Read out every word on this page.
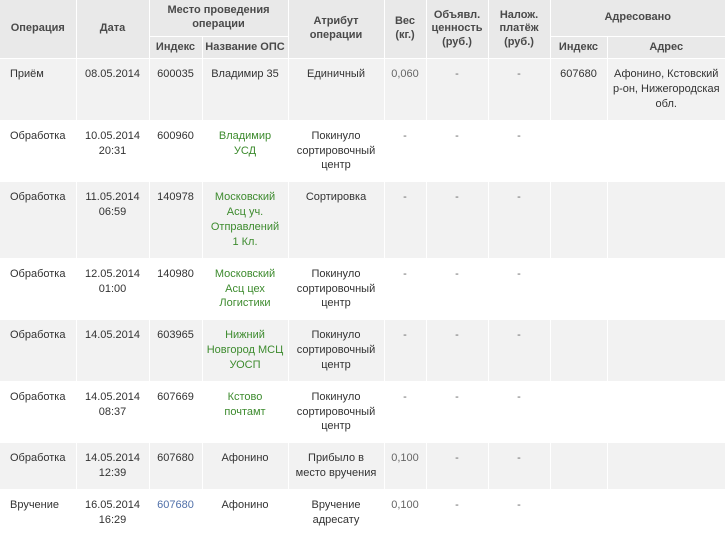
Операция	Дата	Место проведения операции		Атрибут операции	Вес (кг.)	Объявл. ценность (руб.)	Налож. платёж (руб.)	Адресовано	
		Индекс	Название ОПС					Индекс	Адрес
Приём	08.05.2014	600035	Владимир 35	Единичный	0,060	-	-	607680	Афонино, Кстовский р-он, Нижегородская обл.
Обработка	10.05.2014 20:31	600960	Владимир УСД	Покинуло сортировочный центр	-	-	-		
Обработка	11.05.2014 06:59	140978	Московский Асц уч. Отправлений 1 Кл.	Сортировка	-	-	-		
Обработка	12.05.2014 01:00	140980	Московский Асц цех Логистики	Покинуло сортировочный центр	-	-	-		
Обработка	14.05.2014	603965	Нижний Новгород МСЦ УОСП	Покинуло сортировочный центр	-	-	-		
Обработка	14.05.2014 08:37	607669	Кстово почтамт	Покинуло сортировочный центр	-	-	-		
Обработка	14.05.2014 12:39	607680	Афонино	Прибыло в место вручения	0,100	-	-		
Вручение	16.05.2014 16:29	607680	Афонино	Вручение адресату	0,100	-	-		
